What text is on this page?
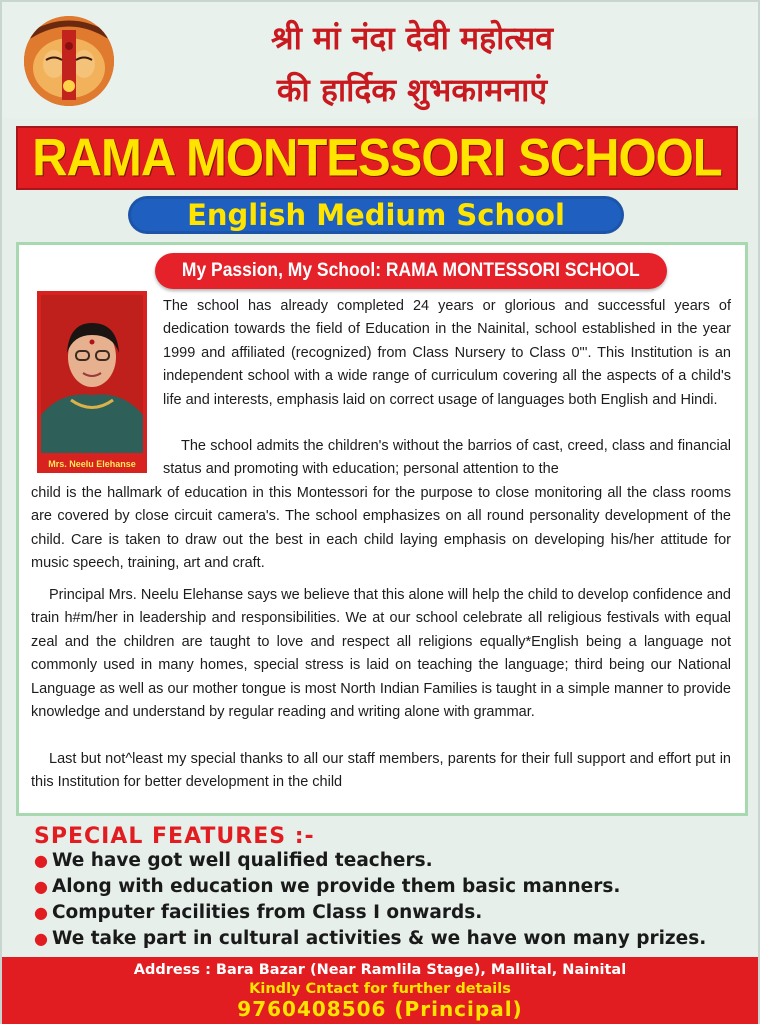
श्री मां नंदा देवी महोत्सव
की हार्दिक शुभकामनाएं
RAMA MONTESSORI SCHOOL
English Medium School
My Passion, My School: RAMA MONTESSORI SCHOOL
Mrs. Neelu Elehanse

The school has already completed 24 years or glorious and successful years of dedication towards the field of Education in the Nainital, school established in the year 1999 and affiliated (recognized) from Class Nursery to Class 0"'. This Institution is an independent school with a wide range of curriculum covering all the aspects of a child's life and interests, emphasis laid on correct usage of languages both English and Hindi.

The school admits the children's without the barrios of cast, creed, class and financial status and promoting with education; personal attention to the

child is the hallmark of education in this Montessori for the purpose to close monitoring all the class rooms are covered by close circuit camera's. The school emphasizes on all round personality development of the child. Care is taken to draw out the best in each child laying emphasis on developing his/her attitude for music speech, training, art and craft.

Principal Mrs. Neelu Elehanse says we believe that this alone will help the child to develop confidence and train h#m/her in leadership and responsibilities. We at our school celebrate all religious festivals with equal zeal and the children are taught to love and respect all religions equally*English being a language not commonly used in many homes, special stress is laid on teaching the language; third being our National Language as well as our mother tongue is most North Indian Families is taught in a simple manner to provide knowledge and understand by regular reading and writing alone with grammar.

Last but not^least my special thanks to all our staff members, parents for their full support and effort put in this Institution for better development in the child

SPECIAL FEATURES :-
● We have got well qualified teachers.
● Along with education we provide them basic manners.
● Computer facilities from Class I onwards.
● We take part in cultural activities & we have won many prizes.
Address : Bara Bazar (Near Ramlila Stage), Mallital, Nainital
Kindly Cntact for further details
9760408506 (Principal)
